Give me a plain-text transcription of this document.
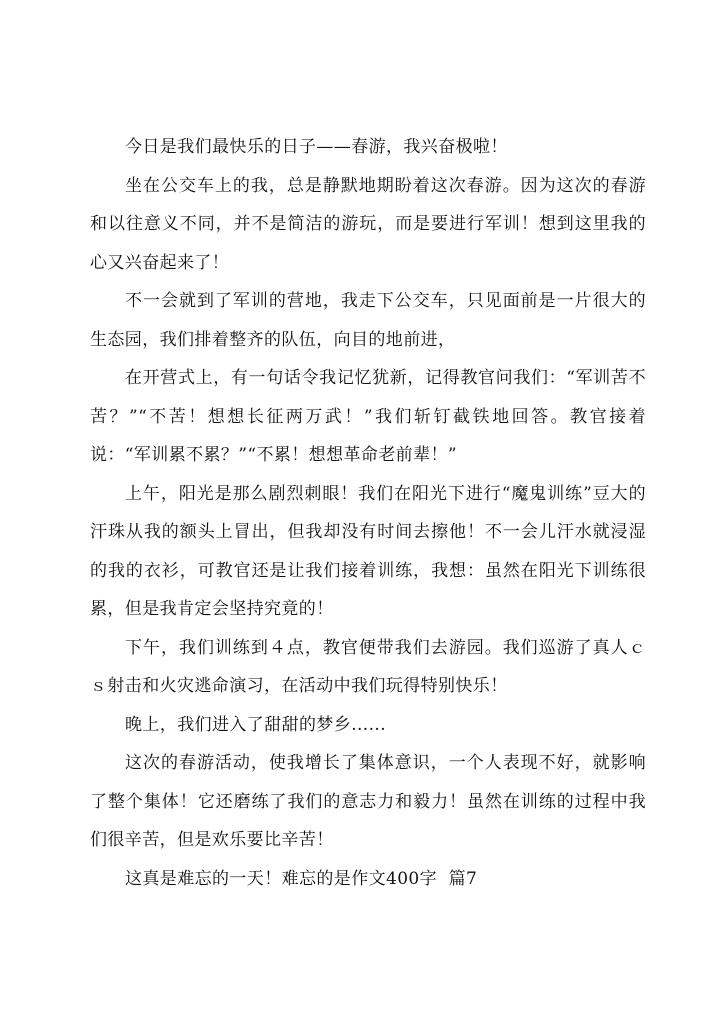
今日是我们最快乐的日子——春游，我兴奋极啦！

坐在公交车上的我，总是静默地期盼着这次春游。因为这次的春游和以往意义不同，并不是简洁的游玩，而是要进行军训！想到这里我的心又兴奋起来了！

不一会就到了军训的营地，我走下公交车，只见面前是一片很大的生态园，我们排着整齐的队伍，向目的地前进，

在开营式上，有一句话令我记忆犹新，记得教官问我们：“军训苦不苦？”“不苦！想想长征两万武！”我们斩钉截铁地回答。教官接着说：“军训累不累？”“不累！想想革命老前辈！”

上午，阳光是那么剧烈刺眼！我们在阳光下进行“魔鬼训练”豆大的汗珠从我的额头上冒出，但我却没有时间去擦他！不一会儿汗水就浸湿的我的衣衫，可教官还是让我们接着训练，我想：虽然在阳光下训练很累，但是我肯定会坚持究竟的！

下午，我们训练到４点，教官便带我们去游园。我们巡游了真人ｃｓ射击和火灾逃命演习，在活动中我们玩得特别快乐！

晚上，我们进入了甜甜的梦乡......

这次的春游活动，使我增长了集体意识，一个人表现不好，就影响了整个集体！它还磨练了我们的意志力和毅力！虽然在训练的过程中我们很辛苦，但是欢乐要比辛苦！

这真是难忘的一天！难忘的是作文400字  篇7
